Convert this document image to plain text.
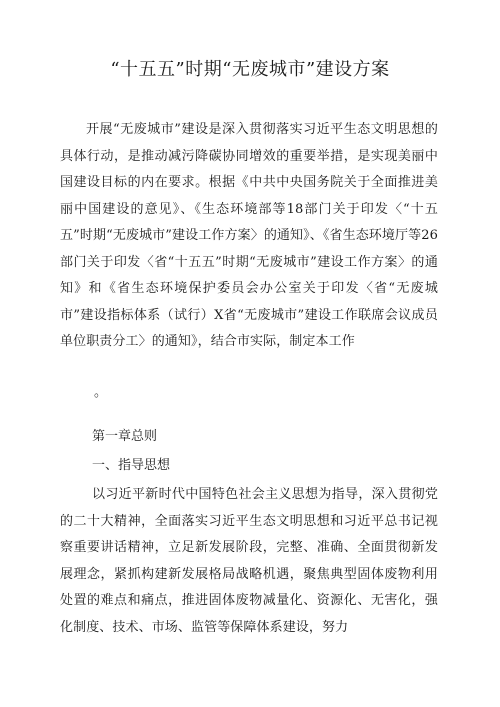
“十五五”时期“无废城市”建设方案
开展“无废城市”建设是深入贯彻落实习近平生态文明思想的具体行动，是推动减污降碳协同增效的重要举措，是实现美丽中国建设目标的内在要求。根据《中共中央国务院关于全面推进美丽中国建设的意见》、《生态环境部等18部门关于印发〈“十五五”时期“无废城市”建设工作方案〉的通知》、《省生态环境厅等26部门关于印发〈省“十五五”时期“无废城市”建设工作方案〉的通知》和《省生态环境保护委员会办公室关于印发〈省“无废城市”建设指标体系（试行）X省“无废城市”建设工作联席会议成员单位职责分工〉的通知》，结合市实际，制定本工作
。
第一章总则
一、指导思想
以习近平新时代中国特色社会主义思想为指导，深入贯彻党的二十大精神，全面落实习近平生态文明思想和习近平总书记视察重要讲话精神，立足新发展阶段，完整、准确、全面贯彻新发展理念，紧抓构建新发展格局战略机遇，聚焦典型固体废物利用处置的难点和痛点，推进固体废物减量化、资源化、无害化，强化制度、技术、市场、监管等保障体系建设，努力
